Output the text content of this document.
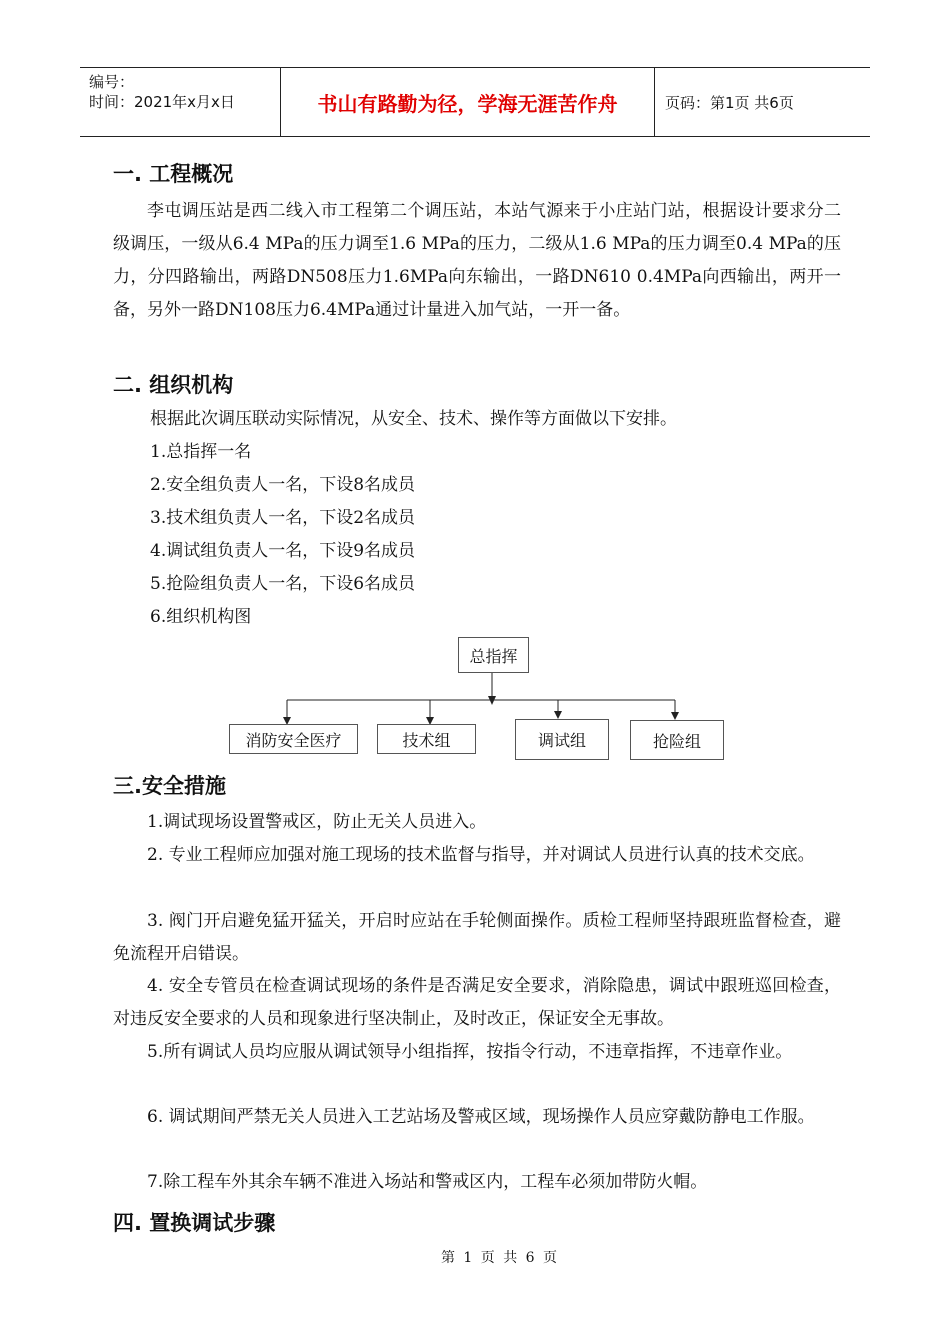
编号：
时间：2021年x月x日	书山有路勤为径，学海无涯苦作舟	页码：第1页 共6页
一. 工程概况
李屯调压站是西二线入市工程第二个调压站，本站气源来于小庄站门站，根据设计要求分二级调压，一级从6.4 MPa的压力调至1.6 MPa的压力，二级从1.6 MPa的压力调至0.4 MPa的压力，分四路输出，两路DN508压力1.6MPa向东输出，一路DN610 0.4MPa向西输出，两开一备，另外一路DN108压力6.4MPa通过计量进入加气站，一开一备。
二. 组织机构
根据此次调压联动实际情况，从安全、技术、操作等方面做以下安排。
1.总指挥一名
2.安全组负责人一名，下设8名成员
3.技术组负责人一名，下设2名成员
4.调试组负责人一名，下设9名成员
5.抢险组负责人一名，下设6名成员
6.组织机构图
总指挥
消防安全医疗	技术组	调试组	抢险组
三.安全措施
1.调试现场设置警戒区，防止无关人员进入。
2. 专业工程师应加强对施工现场的技术监督与指导，并对调试人员进行认真的技术交底。
3. 阀门开启避免猛开猛关，开启时应站在手轮侧面操作。质检工程师坚持跟班监督检查，避免流程开启错误。
4. 安全专管员在检查调试现场的条件是否满足安全要求，消除隐患，调试中跟班巡回检查，对违反安全要求的人员和现象进行坚决制止，及时改正，保证安全无事故。
5.所有调试人员均应服从调试领导小组指挥，按指令行动，不违章指挥，不违章作业。
6. 调试期间严禁无关人员进入工艺站场及警戒区域，现场操作人员应穿戴防静电工作服。
7.除工程车外其余车辆不准进入场站和警戒区内，工程车必须加带防火帽。
四. 置换调试步骤
第 1 页 共 6 页
